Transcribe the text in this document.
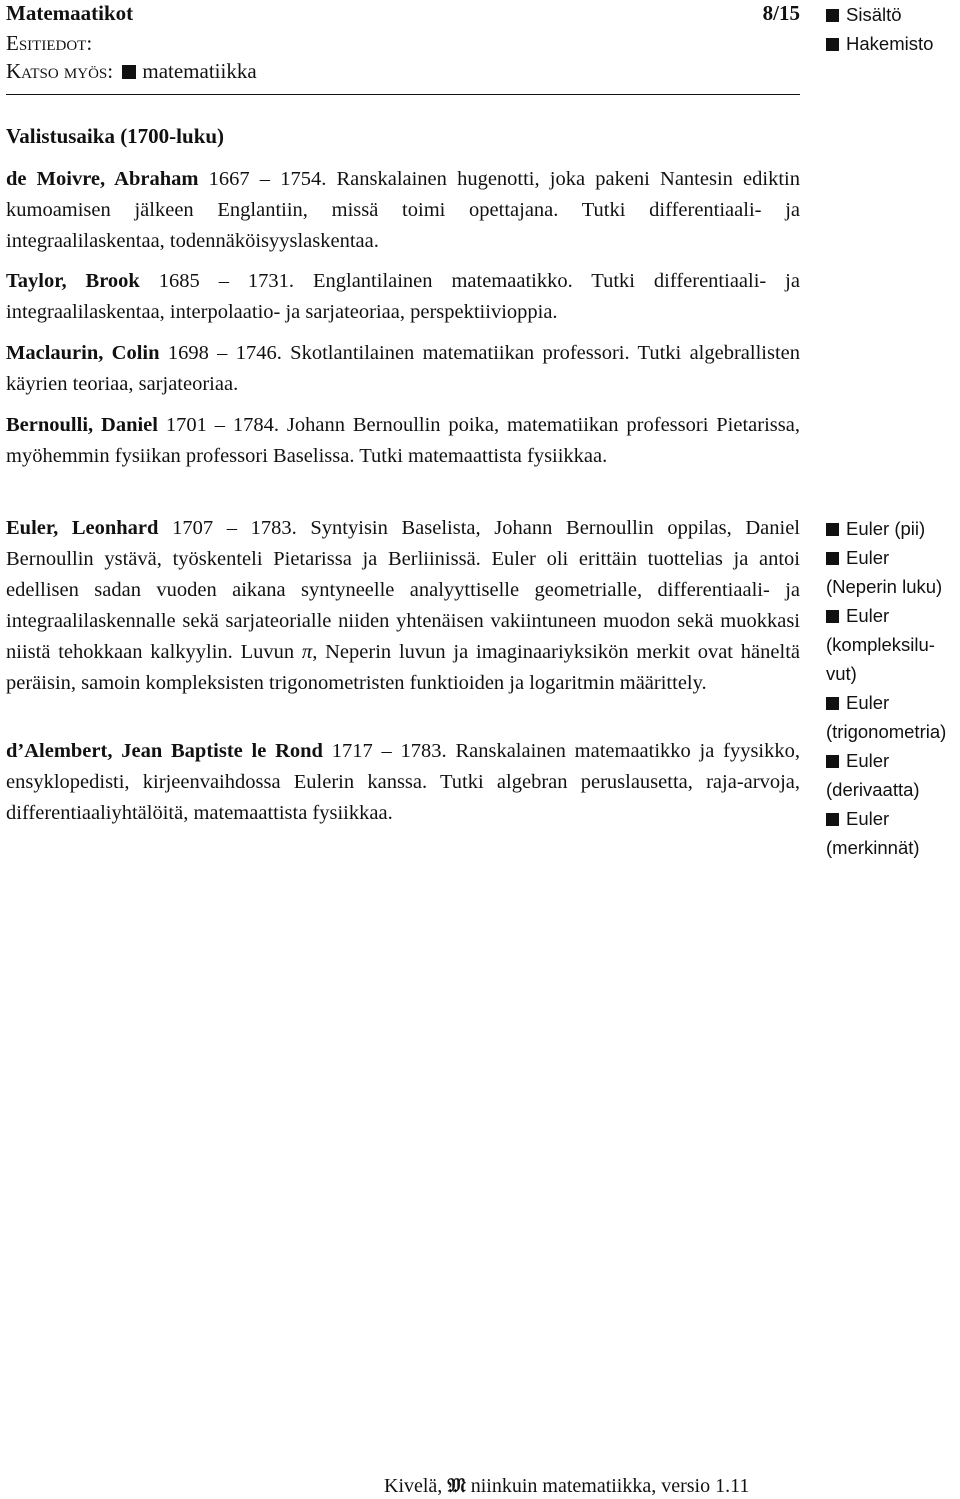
Matemaatikot	8/15
Esitiedot:
Katso myös: matematiikka
Valistusaika (1700-luku)
de Moivre, Abraham 1667 – 1754. Ranskalainen hugenotti, joka pakeni Nantesin ediktin kumoamisen jälkeen Englantiin, missä toimi opettajana. Tutki differentiaali- ja integraalilaskentaa, todennäköisyyslaskentaa.
Taylor, Brook 1685 – 1731. Englantilainen matemaatikko. Tutki differentiaali- ja integraalilaskentaa, interpolaatio- ja sarjateoriaa, perspektiivioppia.
Maclaurin, Colin 1698 – 1746. Skotlantilainen matematiikan professori. Tutki algebrallisten käyrien teoriaa, sarjateoriaa.
Bernoulli, Daniel 1701 – 1784. Johann Bernoullin poika, matematiikan professori Pietarissa, myöhemmin fysiikan professori Baselissa. Tutki matemaattista fysiikkaa.
Euler, Leonhard 1707 – 1783. Syntyisin Baselista, Johann Bernoullin oppilas, Daniel Bernoullin ystävä, työskenteli Pietarissa ja Berliinissä. Euler oli erittäin tuottelias ja antoi edellisen sadan vuoden aikana syntyneelle analyyttiselle geometrialle, differentiaali- ja integraalilaskennalle sekä sarjateorialle niiden yhtenäisen vakiintuneen muodon sekä muokkasi niistä tehokkaan kalkyylin. Luvun π, Neperin luvun ja imaginaariyksikön merkit ovat häneltä peräisin, samoin kompleksisten trigonometristen funktioiden ja logaritmin määrittely.
d’Alembert, Jean Baptiste le Rond 1717 – 1783. Ranskalainen matemaatikko ja fyysikko, ensyklopedisti, kirjeenvaihdossa Eulerin kanssa. Tutki algebran peruslausetta, raja-arvoja, differentiaaliyhtälöitä, matemaattista fysiikkaa.
Sisältö
Hakemisto
Euler (pii)
Euler
(Neperin luku)
Euler
(kompleksilu-
vut)
Euler
(trigonometria)
Euler
(derivaatta)
Euler
(merkinnät)
Kivelä, 𝔐 niinkuin matematiikka, versio 1.11
